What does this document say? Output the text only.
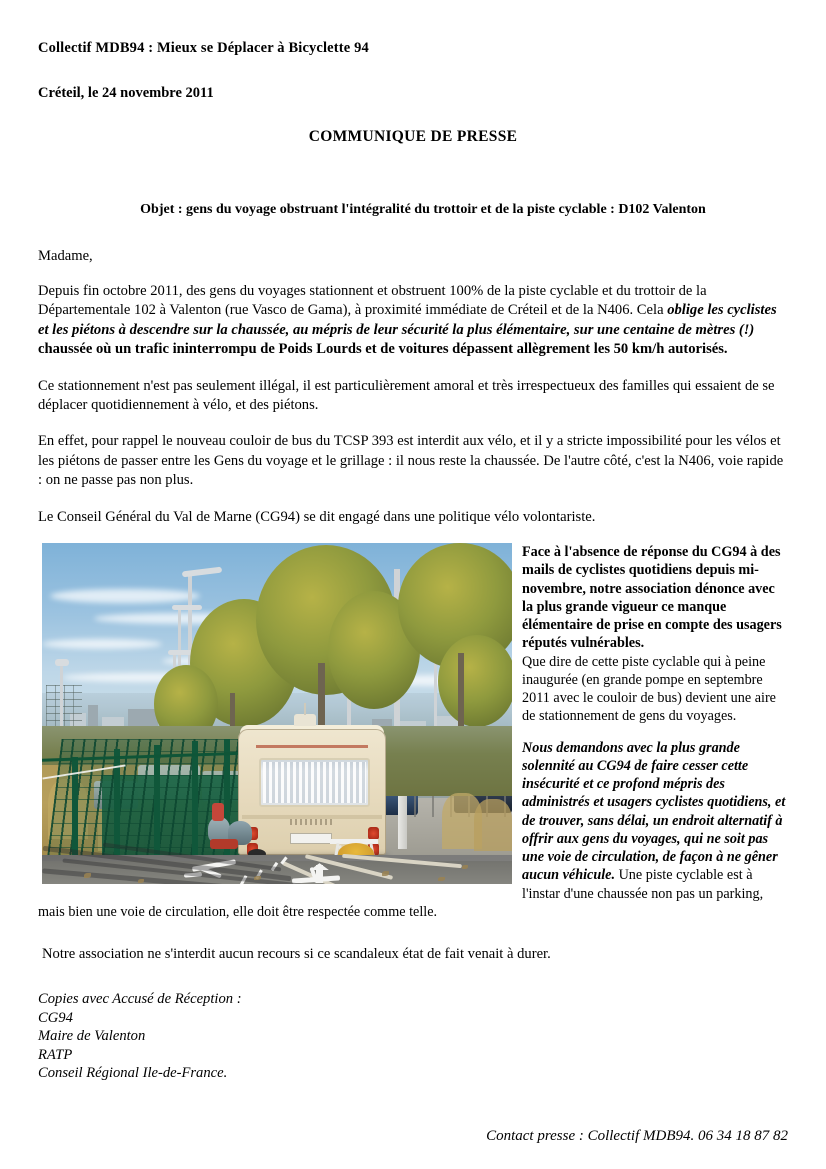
Collectif MDB94 : Mieux se Déplacer à Bicyclette 94
Créteil, le 24 novembre 2011
COMMUNIQUE DE PRESSE
Objet : gens du voyage obstruant l'intégralité du trottoir et de la piste cyclable : D102 Valenton
Madame,

Depuis fin octobre 2011, des gens du voyages stationnent et obstruent 100% de la piste cyclable et du trottoir de la Départementale 102 à Valenton (rue Vasco de Gama), à proximité immédiate de Créteil et de la N406. Cela oblige les cyclistes et les piétons à descendre sur la chaussée, au mépris de leur sécurité la plus élémentaire, sur une centaine de mètres (!) chaussée où un trafic ininterrompu de Poids Lourds et de voitures dépassent allègrement les 50 km/h autorisés.

Ce stationnement n'est pas seulement illégal, il est particulièrement amoral et très irrespectueux des familles qui essaient de se déplacer quotidiennement à vélo, et des piétons.

En effet, pour rappel le nouveau couloir de bus du TCSP 393 est interdit aux vélo, et il y a stricte impossibilité pour les vélos et les piétons de passer entre les Gens du voyage et le grillage : il nous reste la chaussée. De l'autre côté, c'est la N406, voie rapide : on ne passe pas non plus.

Le Conseil Général du Val de Marne (CG94) se dit engagé dans une politique vélo volontariste.

Face à l'absence de réponse du CG94 à des mails de cyclistes quotidiens depuis mi-novembre, notre association dénonce avec la plus grande vigueur ce manque élémentaire de prise en compte des usagers réputés vulnérables.

Que dire de cette piste cyclable qui à peine inaugurée (en grande pompe en septembre 2011 avec le couloir de bus) devient une aire de stationnement de gens du voyages.

Nous demandons avec la plus grande solennité au CG94 de faire cesser cette insécurité et ce profond mépris des administrés et usagers cyclistes quotidiens, et de trouver, sans délai, un endroit alternatif à offrir aux gens du voyages, qui ne soit pas une voie de circulation, de façon à ne gêner aucun véhicule. Une piste cyclable est à l'instar d'une chaussée non pas un parking, mais bien une voie de circulation, elle doit être respectée comme telle.

Notre association ne s'interdit aucun recours si ce scandaleux état de fait venait à durer.

Copies avec Accusé de Réception :
CG94
Maire de Valenton
RATP
Conseil Régional Ile-de-France.
Contact presse : Collectif MDB94. 06 34 18 87 82
